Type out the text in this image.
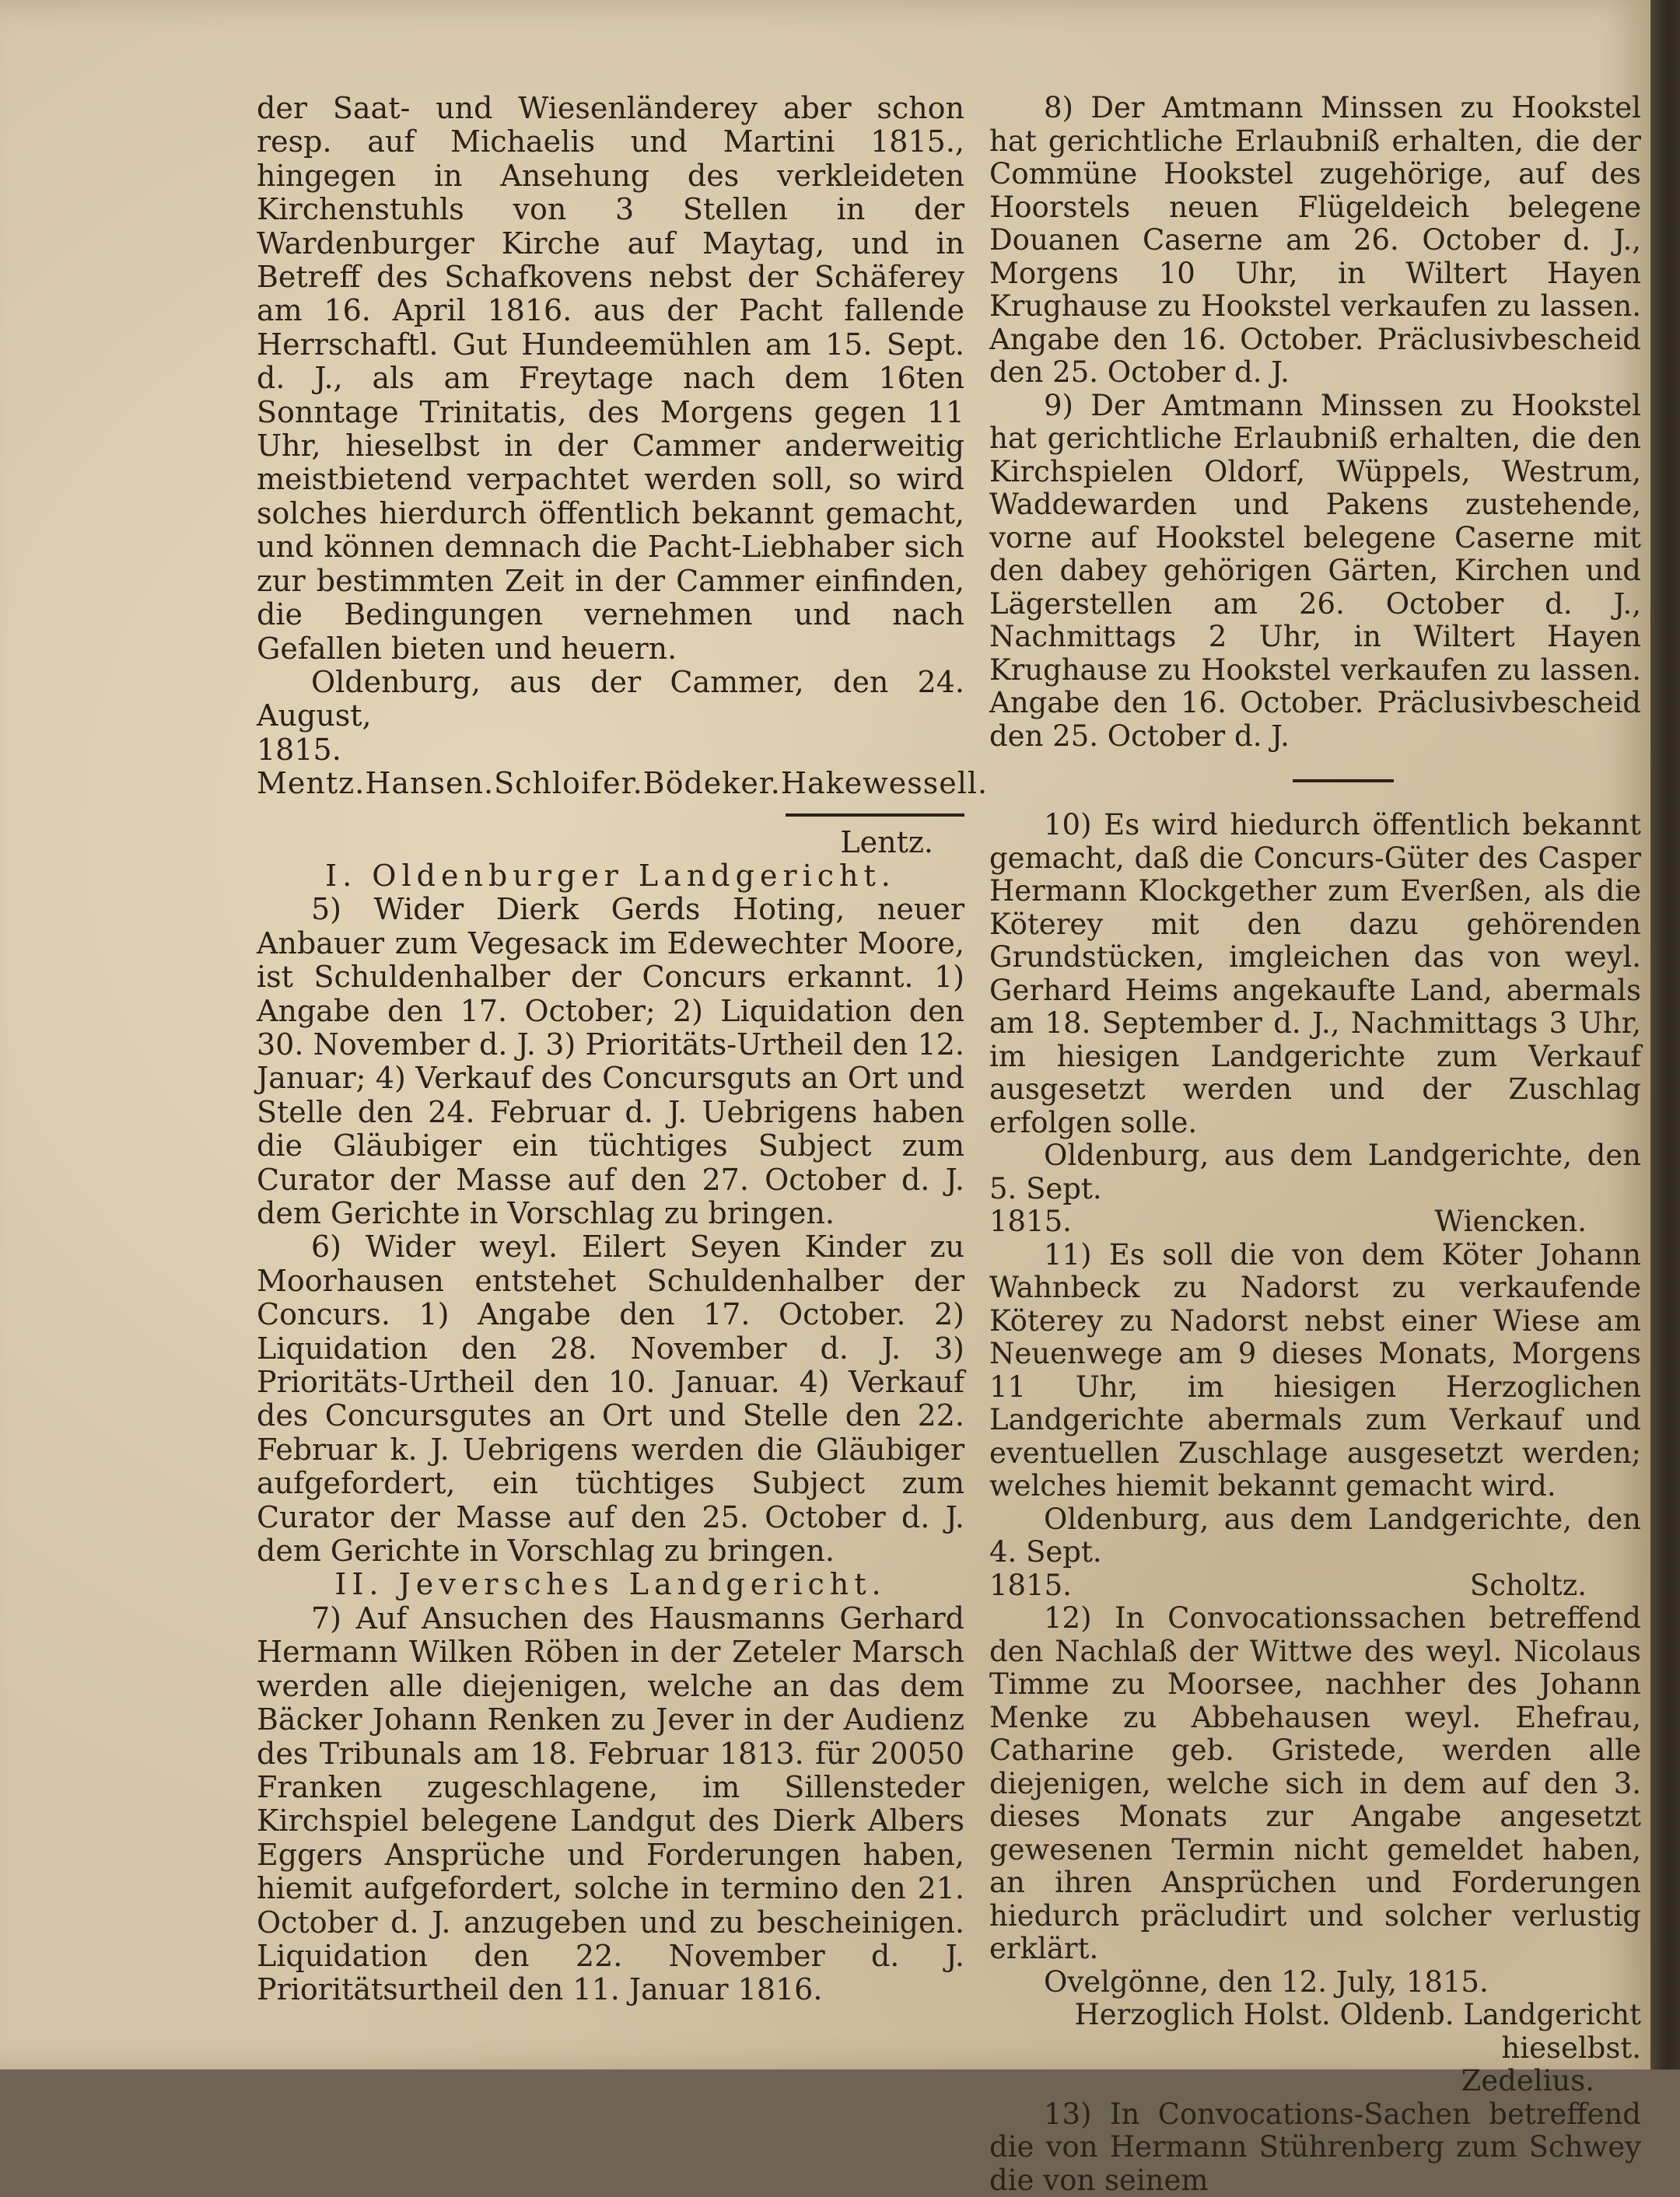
der Saat- und Wiesenländerey aber schon resp. auf Michaelis und Martini 1815., hingegen in Ansehung des verkleideten Kirchenstuhls von 3 Stellen in der Wardenburger Kirche auf Maytag, und in Betreff des Schafkovens nebst der Schäferey am 16. April 1816. aus der Pacht fallende Herrschaftl. Gut Hundeemühlen am 15. Sept. d. J., als am Freytage nach dem 16ten Sonntage Trinitatis, des Morgens gegen 11 Uhr, hieselbst in der Cammer anderweitig meistbietend verpachtet werden soll, so wird solches hierdurch öffentlich bekannt gemacht, und können demnach die Pacht-Liebhaber sich zur bestimmten Zeit in der Cammer einfinden, die Bedingungen vernehmen und nach Gefallen bieten und heuern.

Oldenburg, aus der Cammer, den 24. August,

1815.

Mentz. Hansen. Schloifer. Bödeker. Hakewessell.

Lentz.

I. Oldenburger Landgericht.

5) Wider Dierk Gerds Hoting, neuer Anbauer zum Vegesack im Edewechter Moore, ist Schuldenhalber der Concurs erkannt. 1) Angabe den 17. October; 2) Liquidation den 30. November d. J. 3) Prioritäts-Urtheil den 12. Januar; 4) Verkauf des Concursguts an Ort und Stelle den 24. Februar d. J. Uebrigens haben die Gläubiger ein tüchtiges Subject zum Curator der Masse auf den 27. October d. J. dem Gerichte in Vorschlag zu bringen.

6) Wider weyl. Eilert Seyen Kinder zu Moorhausen entstehet Schuldenhalber der Concurs. 1) Angabe den 17. October. 2) Liquidation den 28. November d. J. 3) Prioritäts-Urtheil den 10. Januar. 4) Verkauf des Concursgutes an Ort und Stelle den 22. Februar k. J. Uebrigens werden die Gläubiger aufgefordert, ein tüchtiges Subject zum Curator der Masse auf den 25. October d. J. dem Gerichte in Vorschlag zu bringen.

II. Jeversches Landgericht.

7) Auf Ansuchen des Hausmanns Gerhard Hermann Wilken Röben in der Zeteler Marsch werden alle diejenigen, welche an das dem Bäcker Johann Renken zu Jever in der Audienz des Tribunals am 18. Februar 1813. für 20050 Franken zugeschlagene, im Sillensteder Kirchspiel belegene Landgut des Dierk Albers Eggers Ansprüche und Forderungen haben, hiemit aufgefordert, solche in termino den 21. October d. J. anzugeben und zu bescheinigen. Liquidation den 22. November d. J. Prioritätsurtheil den 11. Januar 1816.

8) Der Amtmann Minssen zu Hookstel hat gerichtliche Erlaubniß erhalten, die der Commüne Hookstel zugehörige, auf des Hoorstels neuen Flügeldeich belegene Douanen Caserne am 26. October d. J., Morgens 10 Uhr, in Wiltert Hayen Krughause zu Hookstel verkaufen zu lassen. Angabe den 16. October. Präclusivbescheid den 25. October d. J.

9) Der Amtmann Minssen zu Hookstel hat gerichtliche Erlaubniß erhalten, die den Kirchspielen Oldorf, Wüppels, Westrum, Waddewarden und Pakens zustehende, vorne auf Hookstel belegene Caserne mit den dabey gehörigen Gärten, Kirchen und Lägerstellen am 26. October d. J., Nachmittags 2 Uhr, in Wiltert Hayen Krughause zu Hookstel verkaufen zu lassen. Angabe den 16. October. Präclusivbescheid den 25. October d. J.

10) Es wird hiedurch öffentlich bekannt gemacht, daß die Concurs-Güter des Casper Hermann Klockgether zum Everßen, als die Köterey mit den dazu gehörenden Grundstücken, imgleichen das von weyl. Gerhard Heims angekaufte Land, abermals am 18. September d. J., Nachmittags 3 Uhr, im hiesigen Landgerichte zum Verkauf ausgesetzt werden und der Zuschlag erfolgen solle.

Oldenburg, aus dem Landgerichte, den 5. Sept.

1815.	Wiencken.

11) Es soll die von dem Köter Johann Wahnbeck zu Nadorst zu verkaufende Köterey zu Nadorst nebst einer Wiese am Neuenwege am 9 dieses Monats, Morgens 11 Uhr, im hiesigen Herzoglichen Landgerichte abermals zum Verkauf und eventuellen Zuschlage ausgesetzt werden; welches hiemit bekannt gemacht wird.

Oldenburg, aus dem Landgerichte, den 4. Sept.

1815.	Scholtz.

12) In Convocationssachen betreffend den Nachlaß der Wittwe des weyl. Nicolaus Timme zu Moorsee, nachher des Johann Menke zu Abbehausen weyl. Ehefrau, Catharine geb. Gristede, werden alle diejenigen, welche sich in dem auf den 3. dieses Monats zur Angabe angesetzt gewesenen Termin nicht gemeldet haben, an ihren Ansprüchen und Forderungen hiedurch präcludirt und solcher verlustig erklärt.

Ovelgönne, den 12. July, 1815.

Herzoglich Holst. Oldenb. Landgericht hieselbst.

Zedelius.

13) In Convocations-Sachen betreffend die von Hermann Stührenberg zum Schwey die von seinem
